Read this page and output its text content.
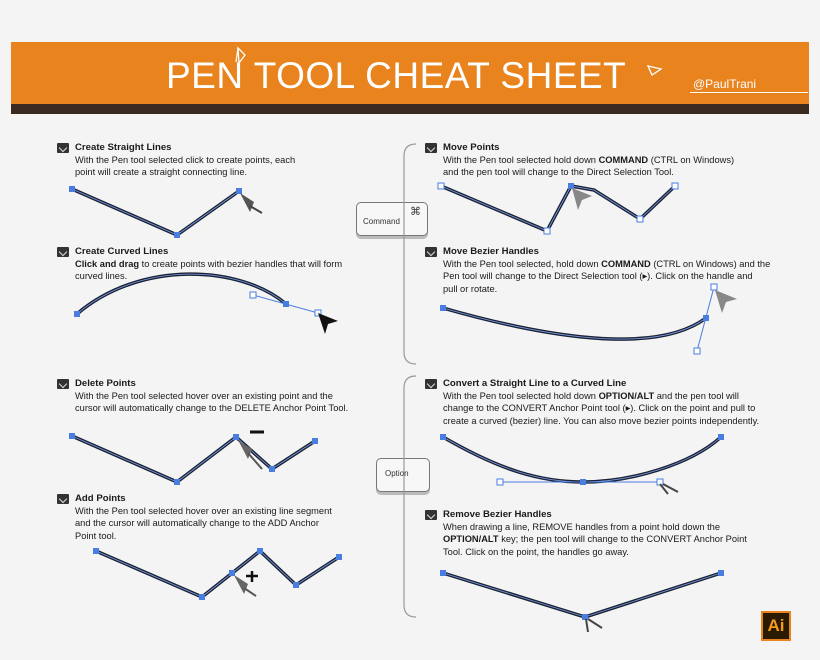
PEN TOOL CHEAT SHEET	@PaulTrani
Create Straight Lines
With the Pen tool selected click to create points, each
point will create a straight connecting line.
Create Curved Lines
Click and drag to create points with bezier handles that will form
curved lines.
Delete Points
With the Pen tool selected hover over an existing point and the
cursor will automatically change to the DELETE Anchor Point Tool.
Add Points
With the Pen tool selected hover over an existing line segment
and the cursor will automatically change to the ADD Anchor
Point tool.
Move Points
With the Pen tool selected hold down COMMAND (CTRL on Windows)
and the pen tool will change to the Direct Selection Tool.
Move Bezier Handles
With the Pen tool selected, hold down COMMAND (CTRL on Windows) and the
Pen tool will change to the Direct Selection tool (▸). Click on the handle and
pull or rotate.
Convert a Straight Line to a Curved Line
With the Pen tool selected hold down OPTION/ALT and the pen tool will
change to the CONVERT Anchor Point tool (▸). Click on the point and pull to
create a curved (bezier) line. You can also move bezier points independently.
Remove Bezier Handles
When drawing a line, REMOVE handles from a point hold down the
OPTION/ALT key; the pen tool will change to the CONVERT Anchor Point
Tool. Click on the point, the handles go away.
⌘
Command
Option
Ai
